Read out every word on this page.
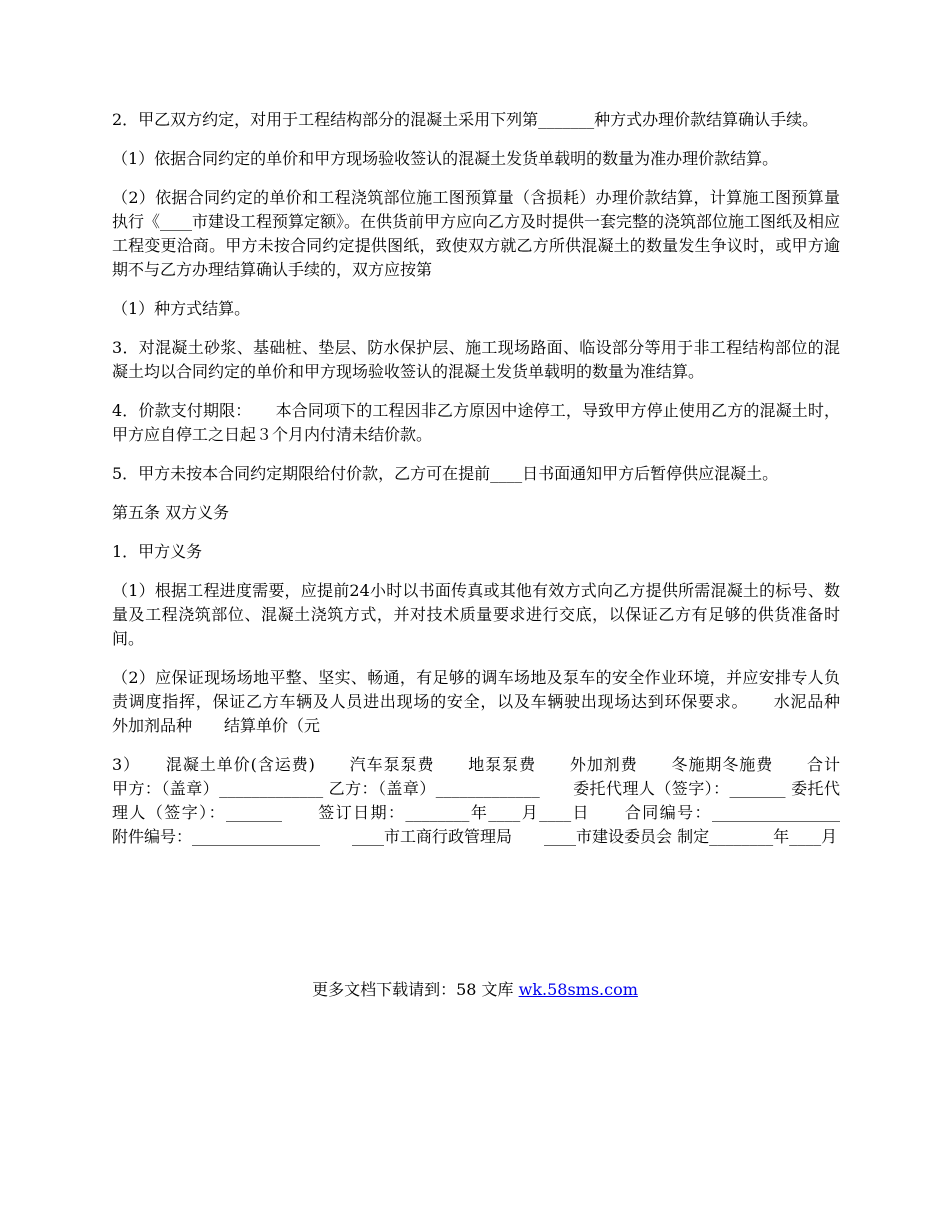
2．甲乙双方约定，对用于工程结构部分的混凝土采用下列第_______种方式办理价款结算确认手续。

（1）依据合同约定的单价和甲方现场验收签认的混凝土发货单载明的数量为准办理价款结算。

（2）依据合同约定的单价和工程浇筑部位施工图预算量（含损耗）办理价款结算，计算施工图预算量执行《____市建设工程预算定额》。在供货前甲方应向乙方及时提供一套完整的浇筑部位施工图纸及相应工程变更洽商。甲方未按合同约定提供图纸，致使双方就乙方所供混凝土的数量发生争议时，或甲方逾期不与乙方办理结算确认手续的，双方应按第

（1）种方式结算。

3．对混凝土砂浆、基础桩、垫层、防水保护层、施工现场路面、临设部分等用于非工程结构部位的混凝土均以合同约定的单价和甲方现场验收签认的混凝土发货单载明的数量为准结算。

4．价款支付期限：　　本合同项下的工程因非乙方原因中途停工，导致甲方停止使用乙方的混凝土时，甲方应自停工之日起３个月内付清未结价款。

5．甲方未按本合同约定期限给付价款，乙方可在提前____日书面通知甲方后暂停供应混凝土。

第五条 双方义务

1．甲方义务

（1）根据工程进度需要，应提前24小时以书面传真或其他有效方式向乙方提供所需混凝土的标号、数量及工程浇筑部位、混凝土浇筑方式，并对技术质量要求进行交底，以保证乙方有足够的供货准备时间。

（2）应保证现场场地平整、坚实、畅通，有足够的调车场地及泵车的安全作业环境，并应安排专人负责调度指挥，保证乙方车辆及人员进出现场的安全，以及车辆驶出现场达到环保要求。　　水泥品种　　外加剂品种　　结算单价（元

3）　　混凝土单价(含运费)　　汽车泵泵费　　地泵泵费　　外加剂费　　冬施期冬施费　　合计　　甲方：（盖章）_____________ 乙方：（盖章）_____________　　委托代理人（签字）：_______ 委托代理人（签字）：_______　　签订日期：________年____月____日　　合同编号：________________　　附件编号：________________　　____市工商行政管理局　　____市建设委员会 制定________年____月

更多文档下载请到：58 文库 wk.58sms.com
